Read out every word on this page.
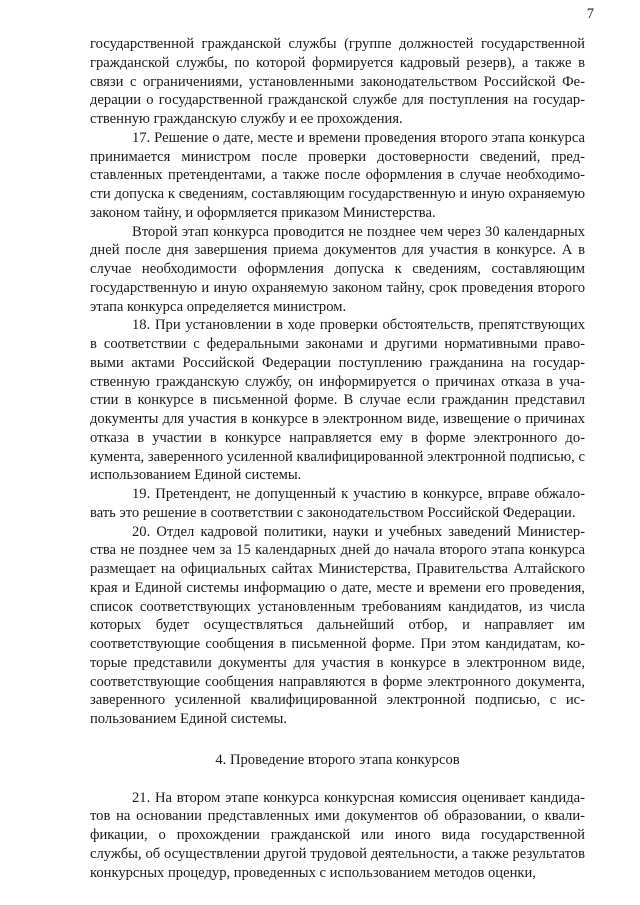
7

государственной гражданской службы (группе должностей государственной гражданской службы, по которой формируется кадровый резерв), а также в связи с ограничениями, установленными законодательством Российской Федерации о государственной гражданской службе для поступления на государственную гражданскую службу и ее прохождения.

17. Решение о дате, месте и времени проведения второго этапа конкурса принимается министром после проверки достоверности сведений, представленных претендентами, а также после оформления в случае необходимости допуска к сведениям, составляющим государственную и иную охраняемую законом тайну, и оформляется приказом Министерства.

Второй этап конкурса проводится не позднее чем через 30 календарных дней после дня завершения приема документов для участия в конкурсе. А в случае необходимости оформления допуска к сведениям, составляющим государственную и иную охраняемую законом тайну, срок проведения второго этапа конкурса определяется министром.

18. При установлении в ходе проверки обстоятельств, препятствующих в соответствии с федеральными законами и другими нормативными правовыми актами Российской Федерации поступлению гражданина на государственную гражданскую службу, он информируется о причинах отказа в участии в конкурсе в письменной форме. В случае если гражданин представил документы для участия в конкурсе в электронном виде, извещение о причинах отказа в участии в конкурсе направляется ему в форме электронного документа, заверенного усиленной квалифицированной электронной подписью, с использованием Единой системы.

19. Претендент, не допущенный к участию в конкурсе, вправе обжаловать это решение в соответствии с законодательством Российской Федерации.

20. Отдел кадровой политики, науки и учебных заведений Министерства не позднее чем за 15 календарных дней до начала второго этапа конкурса размещает на официальных сайтах Министерства, Правительства Алтайского края и Единой системы информацию о дате, месте и времени его проведения, список соответствующих установленным требованиям кандидатов, из числа которых будет осуществляться дальнейший отбор, и направляет им соответствующие сообщения в письменной форме. При этом кандидатам, которые представили документы для участия в конкурсе в электронном виде, соответствующие сообщения направляются в форме электронного документа, заверенного усиленной квалифицированной электронной подписью, с использованием Единой системы.

4. Проведение второго этапа конкурсов

21. На втором этапе конкурса конкурсная комиссия оценивает кандидатов на основании представленных ими документов об образовании, о квалификации, о прохождении гражданской или иного вида государственной службы, об осуществлении другой трудовой деятельности, а также результатов конкурсных процедур, проведенных с использованием методов оценки,
